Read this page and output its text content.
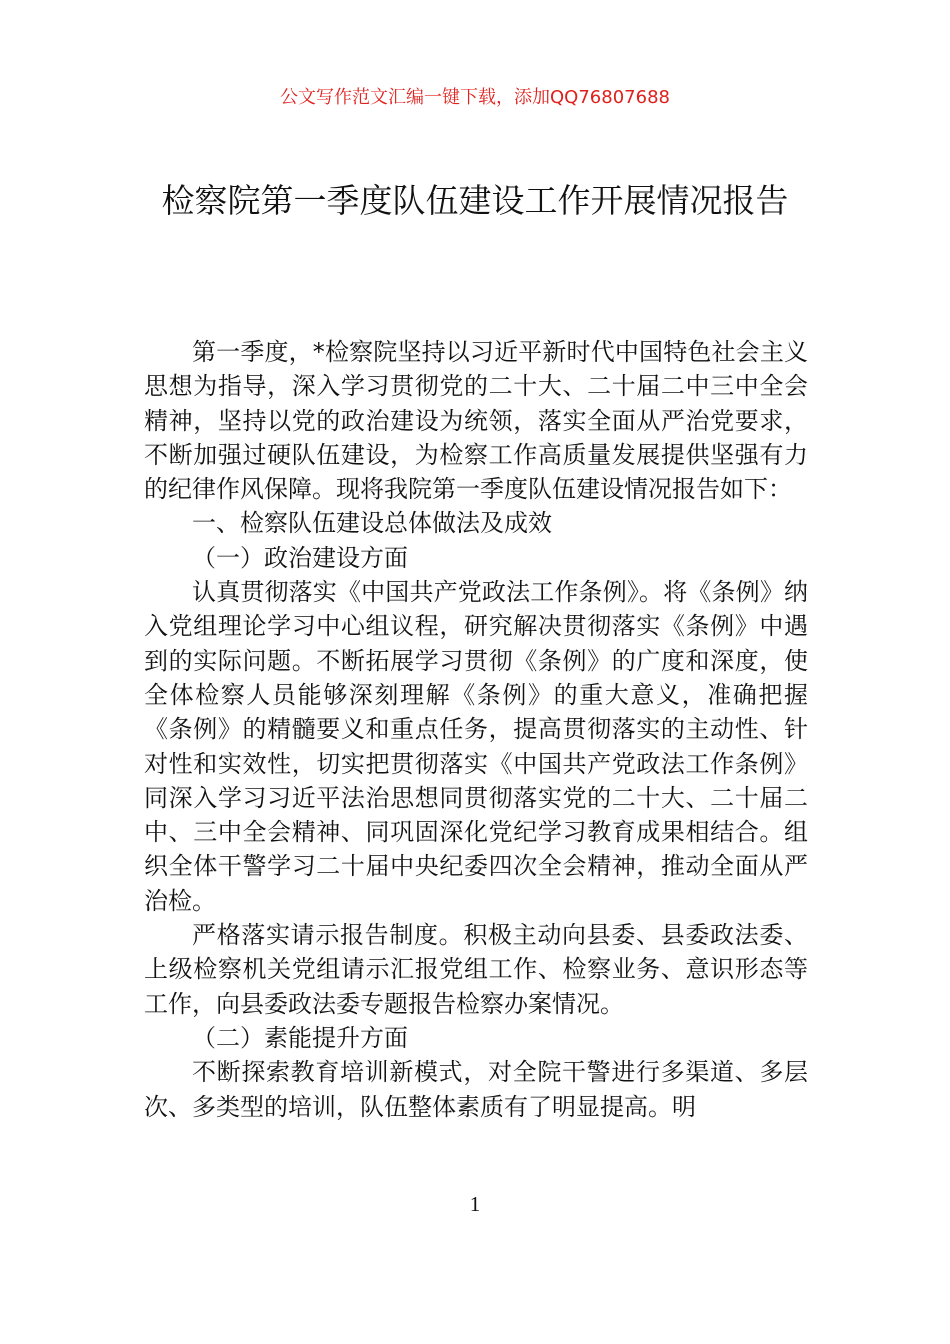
公文写作范文汇编一键下载，添加QQ76807688
检察院第一季度队伍建设工作开展情况报告

第一季度，*检察院坚持以习近平新时代中国特色社会主义思想为指导，深入学习贯彻党的二十大、二十届二中三中全会精神，坚持以党的政治建设为统领，落实全面从严治党要求，不断加强过硬队伍建设，为检察工作高质量发展提供坚强有力的纪律作风保障。现将我院第一季度队伍建设情况报告如下：

一、检察队伍建设总体做法及成效

（一）政治建设方面

认真贯彻落实《中国共产党政法工作条例》。将《条例》纳入党组理论学习中心组议程，研究解决贯彻落实《条例》中遇到的实际问题。不断拓展学习贯彻《条例》的广度和深度，使全体检察人员能够深刻理解《条例》的重大意义，准确把握《条例》的精髓要义和重点任务，提高贯彻落实的主动性、针对性和实效性，切实把贯彻落实《中国共产党政法工作条例》同深入学习习近平法治思想同贯彻落实党的二十大、二十届二中、三中全会精神、同巩固深化党纪学习教育成果相结合。组织全体干警学习二十届中央纪委四次全会精神，推动全面从严治检。

严格落实请示报告制度。积极主动向县委、县委政法委、上级检察机关党组请示汇报党组工作、检察业务、意识形态等工作，向县委政法委专题报告检察办案情况。

（二）素能提升方面

不断探索教育培训新模式，对全院干警进行多渠道、多层次、多类型的培训，队伍整体素质有了明显提高。明

1
